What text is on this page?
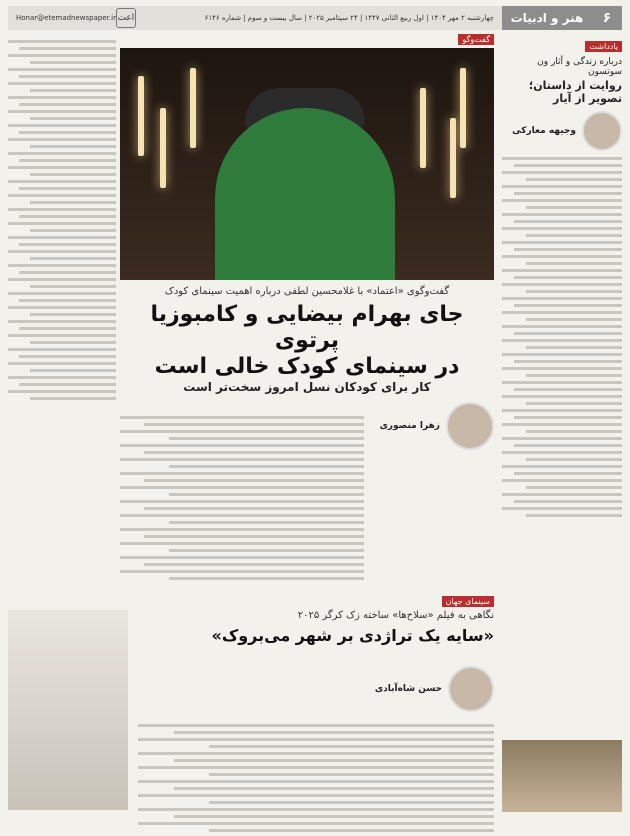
۶
هنر و ادبیات
چهارشنبه ۲ مهر ۱۴۰۴ | اول ربیع الثانی ۱۴۴۷ | ۲۴ سپتامبر ۲۰۲۵ | سال بیست و سوم | شماره ۶۱۴۶
اعت
Honar@etemadnewspaper.ir
یادداشت
درباره زندگی و آثار ون سوتسون
روایت از داستان؛ تصویر از آیار
وجیهه معارکی
گفت‌وگو
گفت‌وگوی «اعتماد» با غلامحسین لطفی درباره اهمیت سینمای کودک
جای بهرام بیضایی و کامبوزیا پرتوی
در سینمای کودک خالی است
کار برای کودکان نسل امروز سخت‌تر است
زهرا منصوری
سینمای جهان
نگاهی به فیلم «سلاح‌ها» ساخته زک کرگر ۲۰۲۵
«سایه یک تراژدی بر شهر می‌بروک»
حسن شاه‌آبادی
